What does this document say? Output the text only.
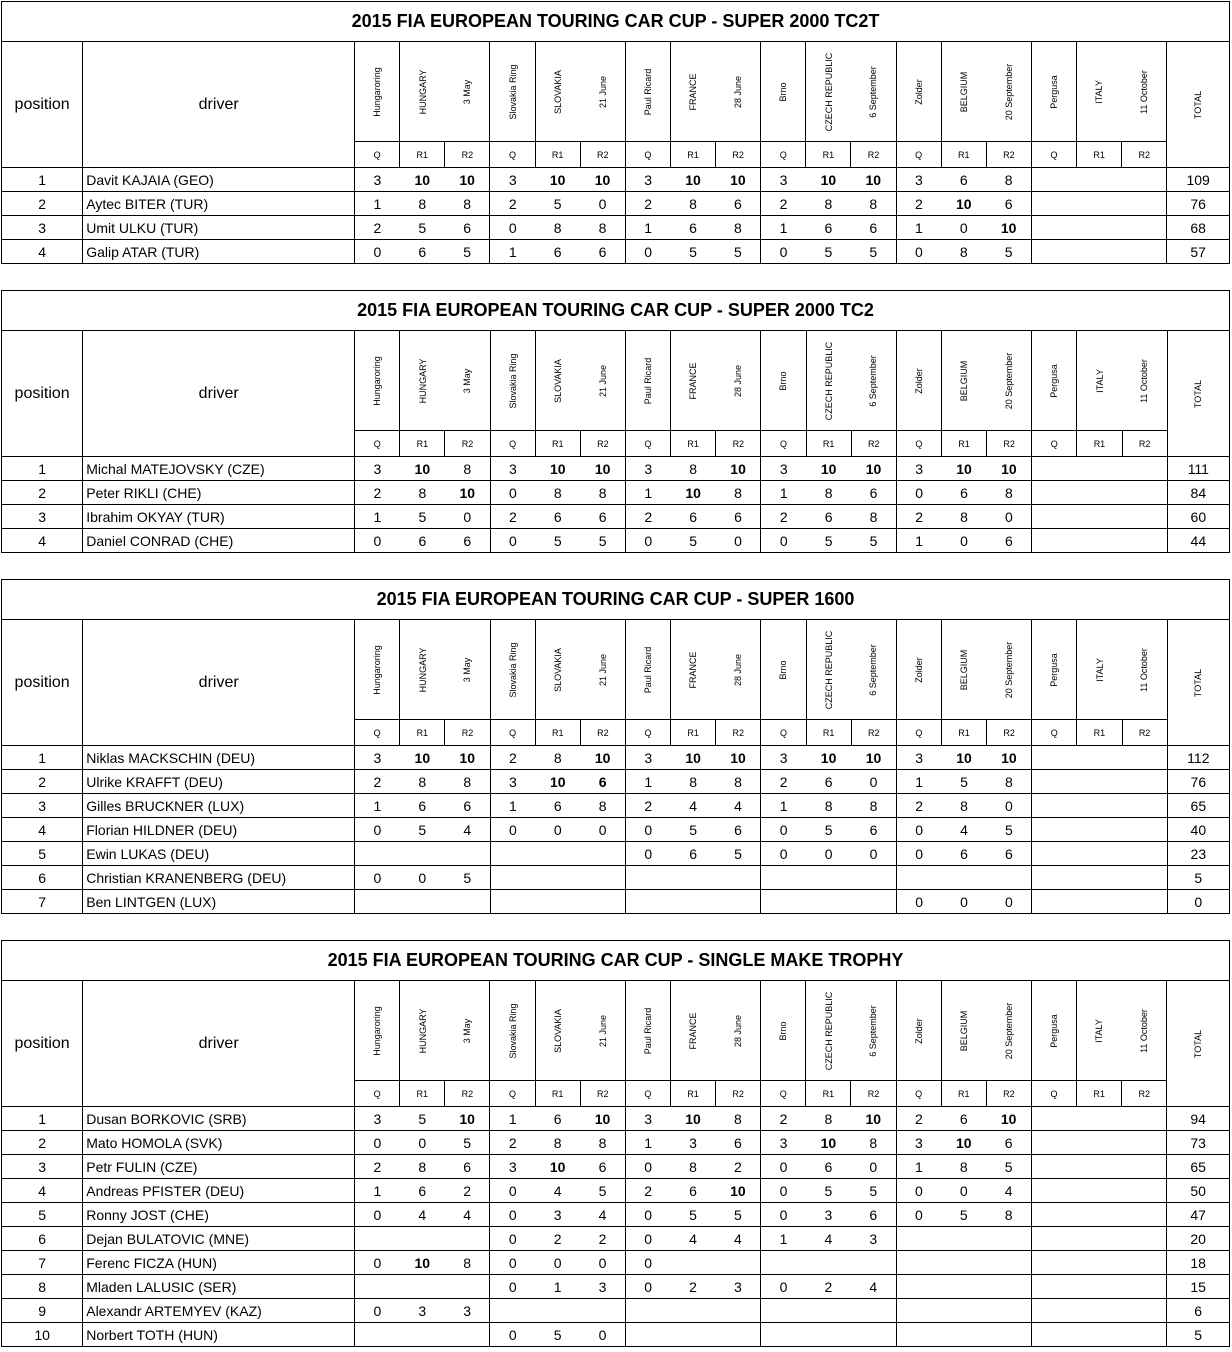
2015 FIA EUROPEAN TOURING CAR CUP - SUPER 2000 TC2T																				
position	driver	Hungaroring	HUNGARY	3 May	Slovakia Ring	SLOVAKIA	21 June	Paul Ricard	FRANCE	28 June	Brno	CZECH REPUBLIC	6 September	Zolder	BELGIUM	20 September	Pergusa	ITALY	11 October	TOTAL

		Q	R1	R2	Q	R1	R2	Q	R1	R2	Q	R1	R2	Q	R1	R2	Q	R1	R2	
1	Davit KAJAIA (GEO)	3	10	10	3	10	10	3	10	10	3	10	10	3	6	8				109
2	Aytec BITER (TUR)	1	8	8	2	5	0	2	8	6	2	8	8	2	10	6				76
3	Umit ULKU (TUR)	2	5	6	0	8	8	1	6	8	1	6	6	1	0	10				68
4	Galip ATAR (TUR)	0	6	5	1	6	6	0	5	5	0	5	5	0	8	5				57
2015 FIA EUROPEAN TOURING CAR CUP - SUPER 2000 TC2																				
position	driver	Hungaroring	HUNGARY	3 May	Slovakia Ring	SLOVAKIA	21 June	Paul Ricard	FRANCE	28 June	Brno	CZECH REPUBLIC	6 September	Zolder	BELGIUM	20 September	Pergusa	ITALY	11 October	TOTAL

		Q	R1	R2	Q	R1	R2	Q	R1	R2	Q	R1	R2	Q	R1	R2	Q	R1	R2	
1	Michal MATEJOVSKY (CZE)	3	10	8	3	10	10	3	8	10	3	10	10	3	10	10				111
2	Peter RIKLI (CHE)	2	8	10	0	8	8	1	10	8	1	8	6	0	6	8				84
3	Ibrahim OKYAY (TUR)	1	5	0	2	6	6	2	6	6	2	6	8	2	8	0				60
4	Daniel CONRAD (CHE)	0	6	6	0	5	5	0	5	0	0	5	5	1	0	6				44
2015 FIA EUROPEAN TOURING CAR CUP - SUPER 1600																				
position	driver	Hungaroring	HUNGARY	3 May	Slovakia Ring	SLOVAKIA	21 June	Paul Ricard	FRANCE	28 June	Brno	CZECH REPUBLIC	6 September	Zolder	BELGIUM	20 September	Pergusa	ITALY	11 October	TOTAL

		Q	R1	R2	Q	R1	R2	Q	R1	R2	Q	R1	R2	Q	R1	R2	Q	R1	R2	
1	Niklas MACKSCHIN (DEU)	3	10	10	2	8	10	3	10	10	3	10	10	3	10	10				112
2	Ulrike KRAFFT (DEU)	2	8	8	3	10	6	1	8	8	2	6	0	1	5	8				76
3	Gilles BRUCKNER (LUX)	1	6	6	1	6	8	2	4	4	1	8	8	2	8	0				65
4	Florian HILDNER (DEU)	0	5	4	0	0	0	0	5	6	0	5	6	0	4	5				40
5	Ewin LUKAS (DEU)							0	6	5	0	0	0	0	6	6				23
6	Christian KRANENBERG (DEU)	0	0	5																5
7	Ben LINTGEN (LUX)													0	0	0				0
2015 FIA EUROPEAN TOURING CAR CUP - SINGLE MAKE TROPHY																				
position	driver	Hungaroring	HUNGARY	3 May	Slovakia Ring	SLOVAKIA	21 June	Paul Ricard	FRANCE	28 June	Brno	CZECH REPUBLIC	6 September	Zolder	BELGIUM	20 September	Pergusa	ITALY	11 October	TOTAL

		Q	R1	R2	Q	R1	R2	Q	R1	R2	Q	R1	R2	Q	R1	R2	Q	R1	R2	
1	Dusan BORKOVIC (SRB)	3	5	10	1	6	10	3	10	8	2	8	10	2	6	10				94
2	Mato HOMOLA (SVK)	0	0	5	2	8	8	1	3	6	3	10	8	3	10	6				73
3	Petr FULIN (CZE)	2	8	6	3	10	6	0	8	2	0	6	0	1	8	5				65
4	Andreas PFISTER (DEU)	1	6	2	0	4	5	2	6	10	0	5	5	0	0	4				50
5	Ronny JOST (CHE)	0	4	4	0	3	4	0	5	5	0	3	6	0	5	8				47
6	Dejan BULATOVIC (MNE)				0	2	2	0	4	4	1	4	3							20
7	Ferenc FICZA (HUN)	0	10	8	0	0	0	0												18
8	Mladen LALUSIC (SER)				0	1	3	0	2	3	0	2	4							15
9	Alexandr ARTEMYEV (KAZ)	0	3	3																6
10	Norbert TOTH (HUN)				0	5	0													5
